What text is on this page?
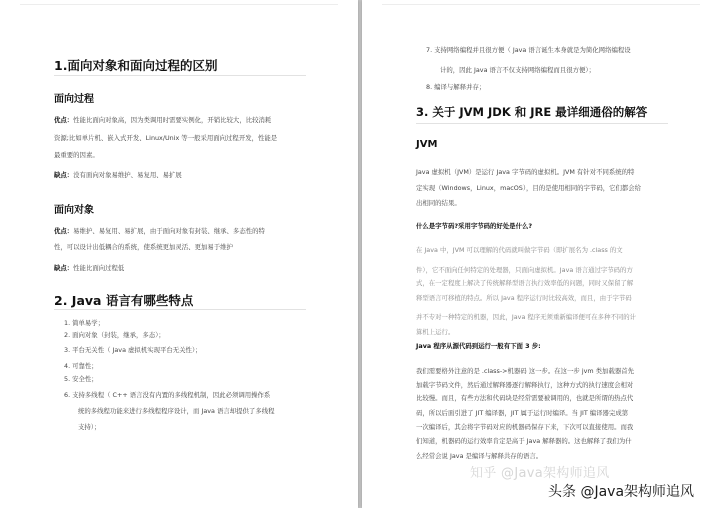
1.面向对象和面向过程的区别
面向过程
优点：性能比面向对象高，因为类调用时需要实例化，开销比较大，比较消耗
资源;比如单片机、嵌入式开发、Linux/Unix 等一般采用面向过程开发，性能是
最重要的因素。
缺点：没有面向对象易维护、易复用、易扩展
面向对象
优点：易维护、易复用、易扩展，由于面向对象有封装、继承、多态性的特
性，可以设计出低耦合的系统，使系统更加灵活、更加易于维护
缺点：性能比面向过程低
2. Java 语言有哪些特点
1. 简单易学；
2. 面向对象（封装，继承，多态）；
3. 平台无关性（ Java 虚拟机实现平台无关性）；
4. 可靠性；
5. 安全性；
6. 支持多线程（ C++ 语言没有内置的多线程机制，因此必须调用操作系
统的多线程功能来进行多线程程序设计，而 Java 语言却提供了多线程
支持）；
7. 支持网络编程并且很方便（ Java 语言诞生本身就是为简化网络编程设
计的，因此 Java 语言不仅支持网络编程而且很方便）；
8. 编译与解释并存；
3. 关于 JVM JDK 和 JRE 最详细通俗的解答
JVM
Java 虚拟机（JVM）是运行 Java 字节码的虚拟机。JVM 有针对不同系统的特
定实现（Windows，Linux，macOS），目的是使用相同的字节码，它们都会给
出相同的结果。
什么是字节码?采用字节码的好处是什么?
在 Java 中，JVM 可以理解的代码就叫做字节码（即扩展名为 .class 的文
件），它不面向任何特定的处理器，只面向虚拟机。Java 语言通过字节码的方
式，在一定程度上解决了传统解释型语言执行效率低的问题，同时又保留了解
释型语言可移植的特点。所以 Java 程序运行时比较高效，而且，由于字节码
并不专对一种特定的机器，因此，Java 程序无须重新编译便可在多种不同的计
算机上运行。
Java 程序从源代码到运行一般有下面 3 步:
我们需要格外注意的是 .class->机器码 这一步。在这一步 jvm 类加载器首先
加载字节码文件，然后通过解释器逐行解释执行，这种方式的执行速度会相对
比较慢。而且，有些方法和代码块是经常需要被调用的，也就是所谓的热点代
码，所以后面引进了 JIT 编译器，JIT 属于运行时编译。当 JIT 编译器完成第
一次编译后，其会将字节码对应的机器码保存下来，下次可以直接使用。而我
们知道，机器码的运行效率肯定是高于 Java 解释器的。这也解释了我们为什
么经常会说 Java 是编译与解释共存的语言。
知乎 @Java架构师追风
头条 @Java架构师追风
